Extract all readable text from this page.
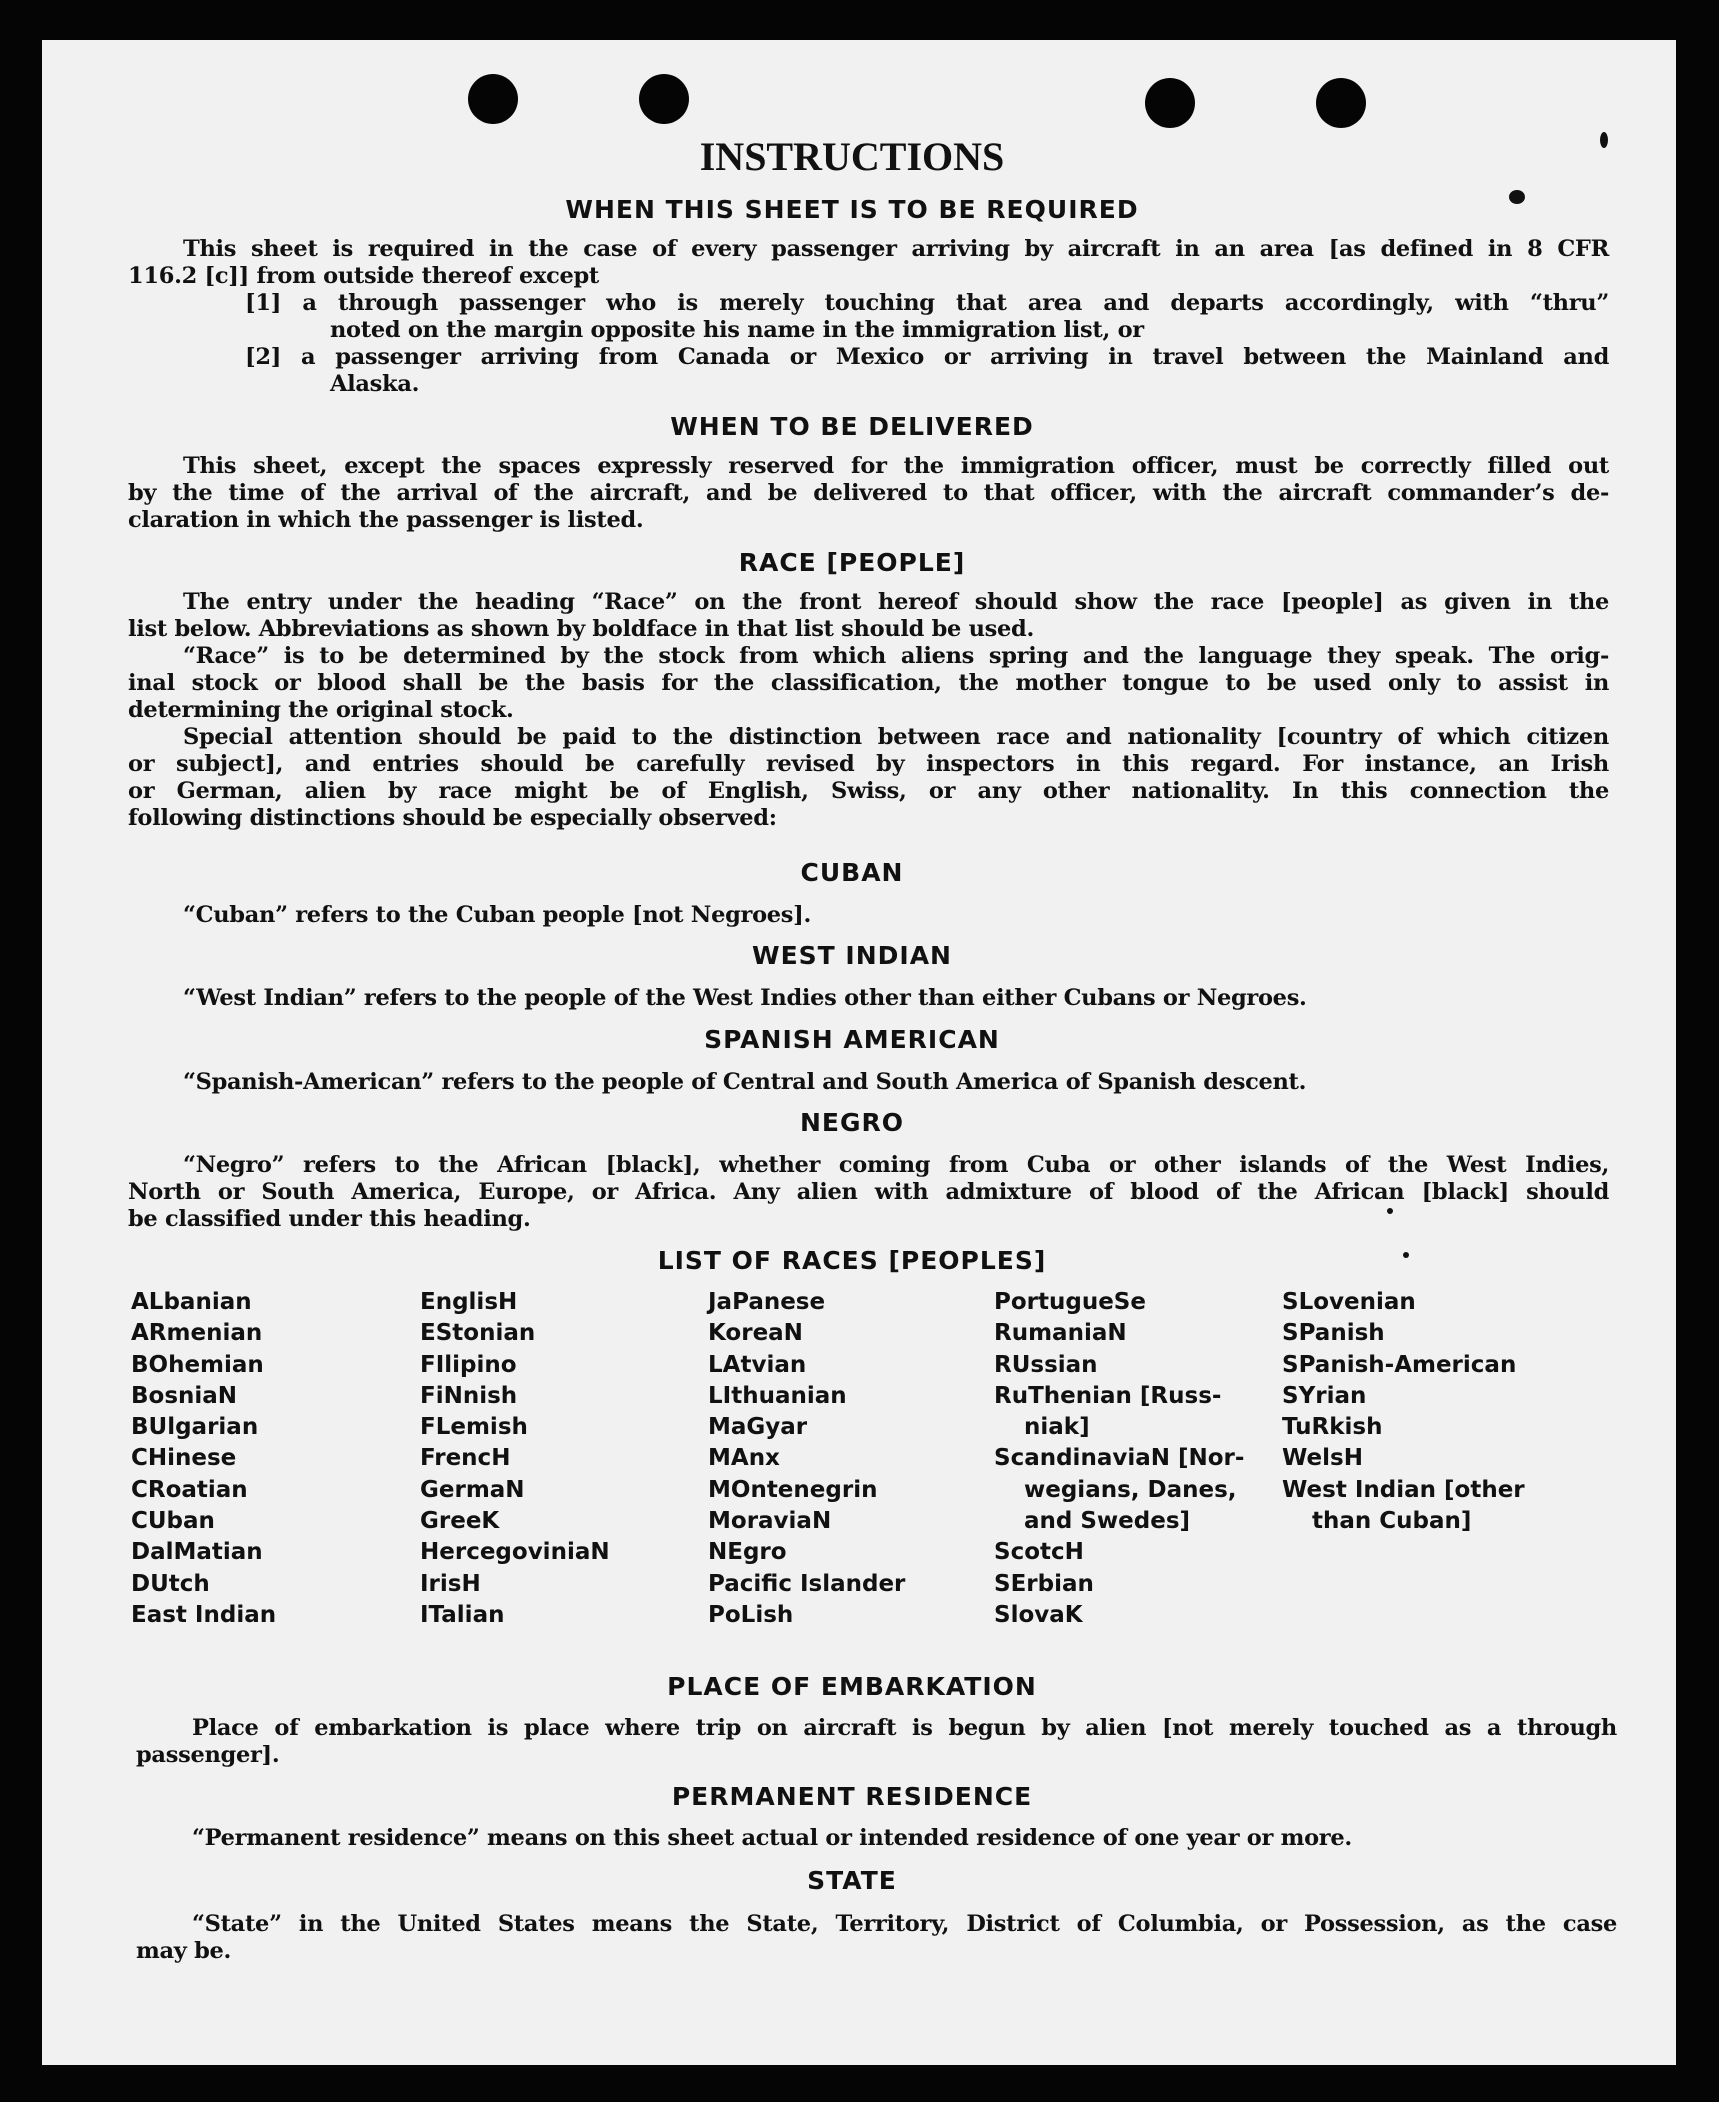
INSTRUCTIONS
WHEN THIS SHEET IS TO BE REQUIRED
This sheet is required in the case of every passenger arriving by aircraft in an area [as defined in 8 CFR
116.2 [c]] from outside thereof except
[1] a through passenger who is merely touching that area and departs accordingly, with “thru”
noted on the margin opposite his name in the immigration list, or
[2] a passenger arriving from Canada or Mexico or arriving in travel between the Mainland and
Alaska.
WHEN TO BE DELIVERED
This sheet, except the spaces expressly reserved for the immigration officer, must be correctly filled out
by the time of the arrival of the aircraft, and be delivered to that officer, with the aircraft commander’s de-
claration in which the passenger is listed.
RACE [PEOPLE]
The entry under the heading “Race” on the front hereof should show the race [people] as given in the
list below. Abbreviations as shown by boldface in that list should be used.
“Race” is to be determined by the stock from which aliens spring and the language they speak. The orig-
inal stock or blood shall be the basis for the classification, the mother tongue to be used only to assist in
determining the original stock.
Special attention should be paid to the distinction between race and nationality [country of which citizen
or subject], and entries should be carefully revised by inspectors in this regard. For instance, an Irish
or German, alien by race might be of English, Swiss, or any other nationality. In this connection the
following distinctions should be especially observed:
CUBAN
“Cuban” refers to the Cuban people [not Negroes].
WEST INDIAN
“West Indian” refers to the people of the West Indies other than either Cubans or Negroes.
SPANISH AMERICAN
“Spanish-American” refers to the people of Central and South America of Spanish descent.
NEGRO
“Negro” refers to the African [black], whether coming from Cuba or other islands of the West Indies,
North or South America, Europe, or Africa. Any alien with admixture of blood of the African [black] should
be classified under this heading.
LIST OF RACES [PEOPLES]
ALbanian
ARmenian
BOhemian
BosniaN
BUlgarian
CHinese
CRoatian
CUban
DalMatian
DUtch
East Indian
EnglisH
EStonian
FIlipino
FiNnish
FLemish
FrencH
GermaN
GreeK
HercegoviniaN
IrisH
ITalian
JaPanese
KoreaN
LAtvian
LIthuanian
MaGyar
MAnx
MOntenegrin
MoraviaN
NEgro
Pacific Islander
PoLish
PortugueSe
RumaniaN
RUssian
RuThenian [Russ-
niak]
ScandinaviaN [Nor-
wegians, Danes,
and Swedes]
ScotcH
SErbian
SlovaK
SLovenian
SPanish
SPanish-American
SYrian
TuRkish
WelsH
West Indian [other
than Cuban]
PLACE OF EMBARKATION
Place of embarkation is place where trip on aircraft is begun by alien [not merely touched as a through
passenger].
PERMANENT RESIDENCE
“Permanent residence” means on this sheet actual or intended residence of one year or more.
STATE
“State” in the United States means the State, Territory, District of Columbia, or Possession, as the case
may be.
